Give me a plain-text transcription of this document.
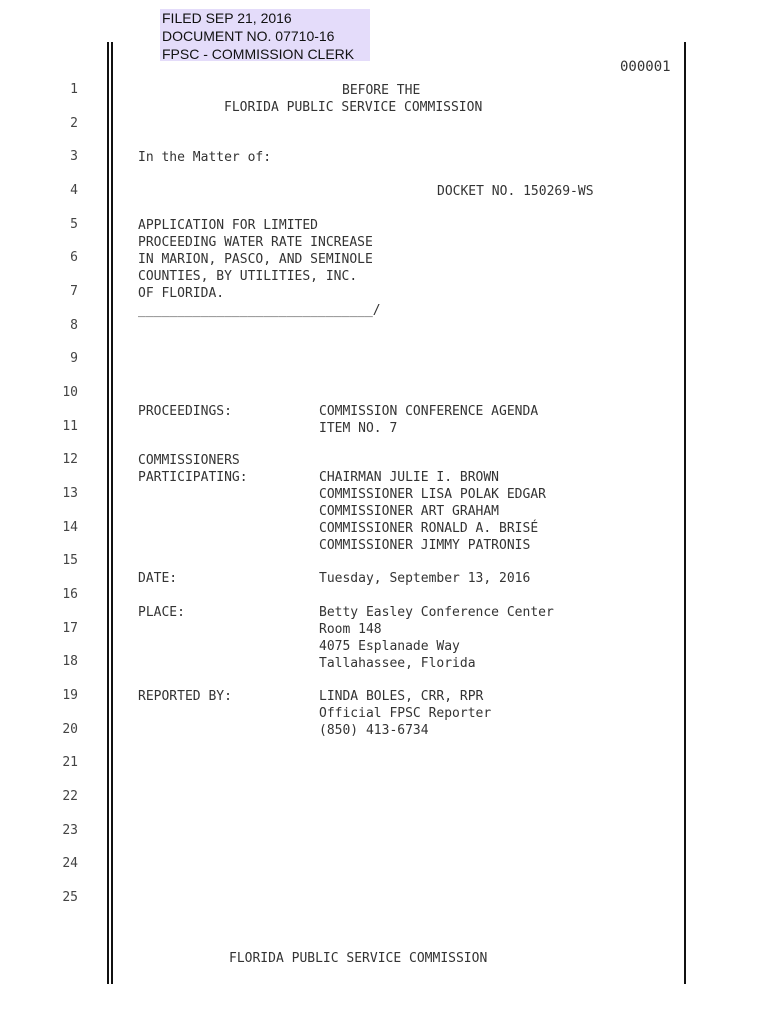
FILED SEP 21, 2016
DOCUMENT NO. 07710-16
FPSC - COMMISSION CLERK
000001
1
2
3
4
5
6
7
8
9
10
11
12
13
14
15
16
17
18
19
20
21
22
23
24
25
BEFORE THE
FLORIDA PUBLIC SERVICE COMMISSION
In the Matter of:
DOCKET NO. 150269-WS
APPLICATION FOR LIMITED
PROCEEDING WATER RATE INCREASE
IN MARION, PASCO, AND SEMINOLE
COUNTIES, BY UTILITIES, INC.
OF FLORIDA.
______________________________/
PROCEEDINGS:	COMMISSION CONFERENCE AGENDA
ITEM NO. 7
COMMISSIONERS
PARTICIPATING:	CHAIRMAN JULIE I. BROWN
COMMISSIONER LISA POLAK EDGAR
COMMISSIONER ART GRAHAM
COMMISSIONER RONALD A. BRISÉ
COMMISSIONER JIMMY PATRONIS
DATE:	Tuesday, September 13, 2016
PLACE:	Betty Easley Conference Center
Room 148
4075 Esplanade Way
Tallahassee, Florida
REPORTED BY:	LINDA BOLES, CRR, RPR
Official FPSC Reporter
(850) 413-6734
FLORIDA PUBLIC SERVICE COMMISSION
